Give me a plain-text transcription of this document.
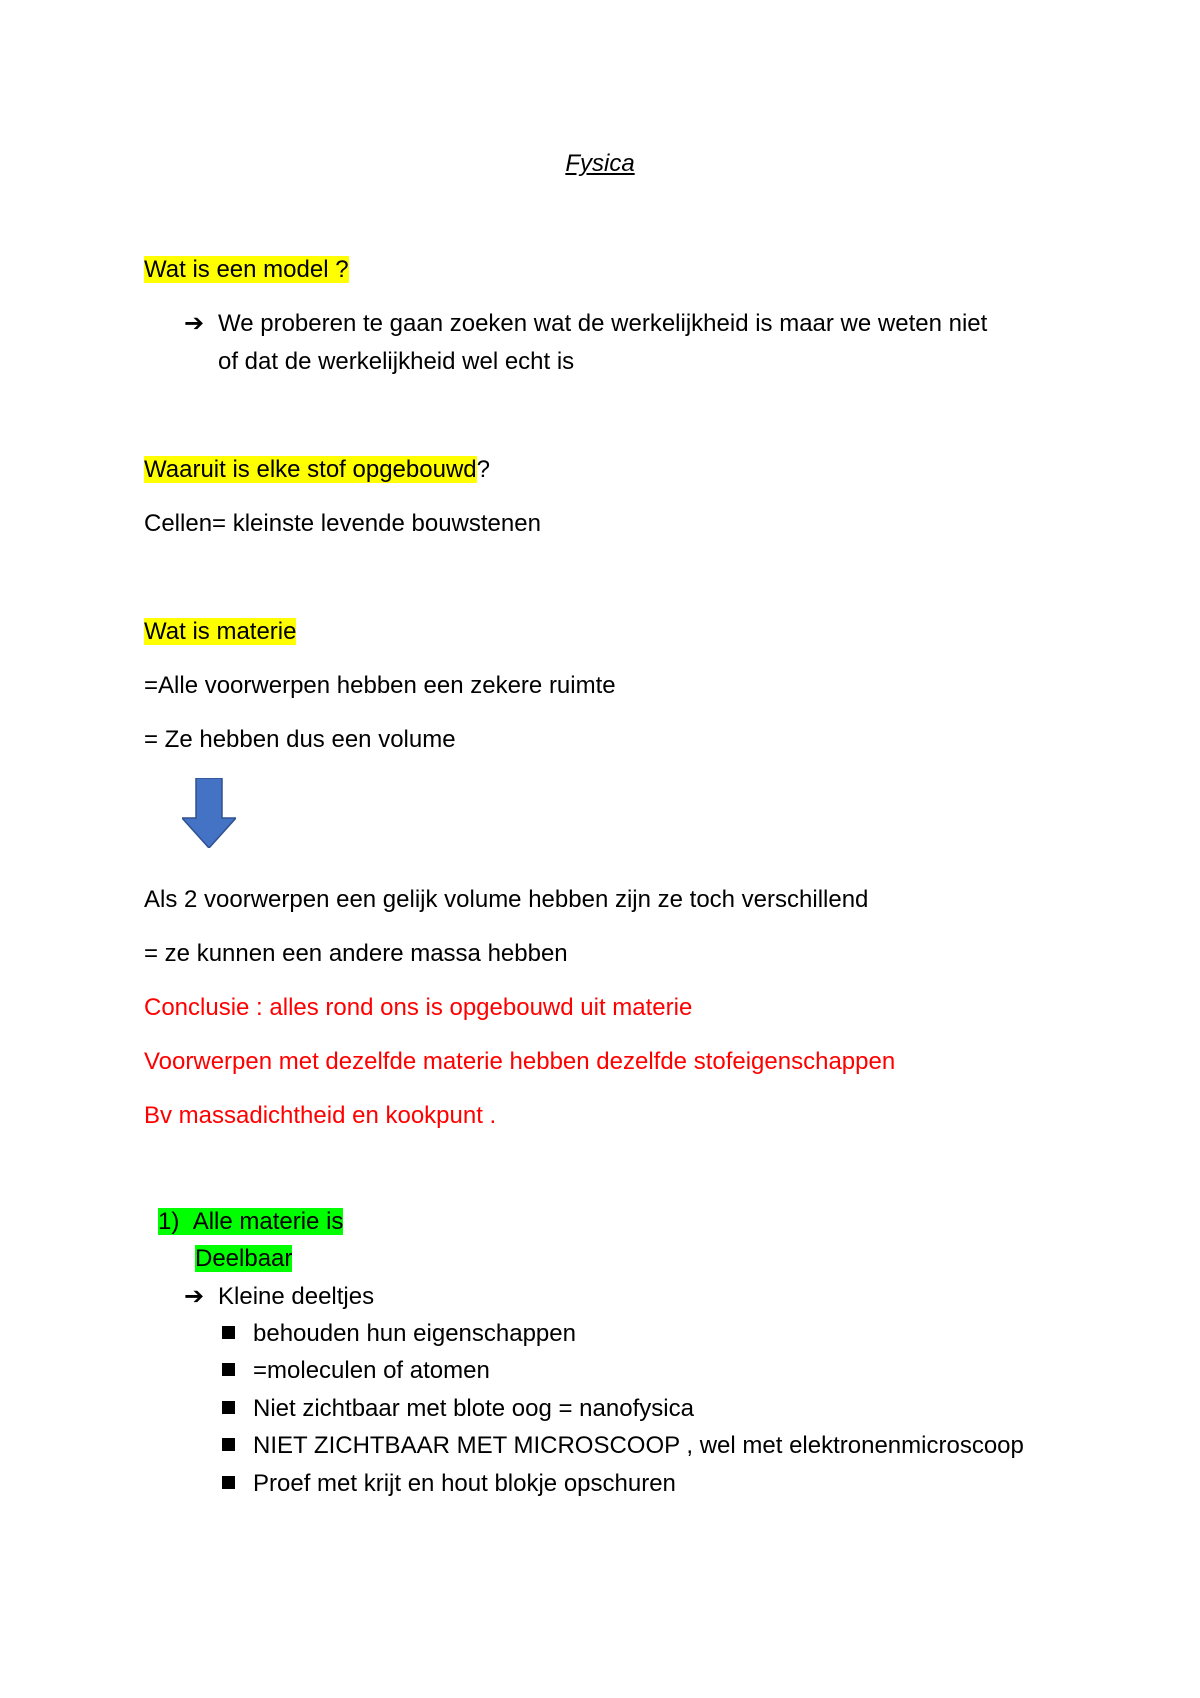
Fysica
Wat is een model ?
➔ We proberen te gaan zoeken wat de werkelijkheid is maar we weten niet
of dat de werkelijkheid wel echt is
Waaruit is elke stof opgebouwd?
Cellen= kleinste levende bouwstenen
Wat is materie
=Alle voorwerpen hebben een zekere ruimte
= Ze hebben dus een volume
Als 2 voorwerpen een gelijk volume hebben zijn ze toch verschillend
= ze kunnen een andere massa hebben
Conclusie : alles rond ons is opgebouwd uit materie
Voorwerpen met dezelfde materie hebben dezelfde stofeigenschappen
Bv massadichtheid en kookpunt .
1) Alle materie is
Deelbaar
➔ Kleine deeltjes
behouden hun eigenschappen
=moleculen of atomen
Niet zichtbaar met blote oog = nanofysica
NIET ZICHTBAAR MET MICROSCOOP , wel met elektronenmicroscoop
Proef met krijt en hout blokje opschuren
